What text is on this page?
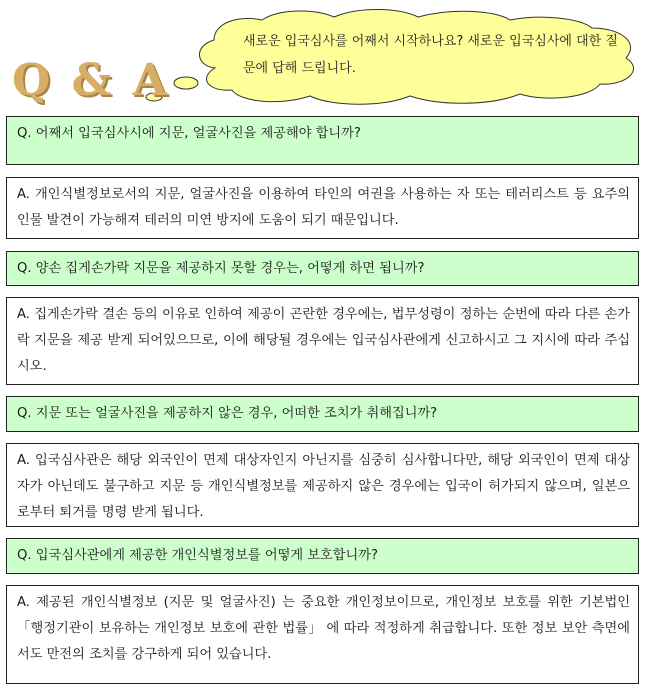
Q & A
새로운 입국심사를 어째서 시작하나요? 새로운 입국심사에 대한 질문에 답해 드립니다.
Q. 어째서 입국심사시에 지문, 얼굴사진을 제공해야 합니까?
A. 개인식별정보로서의 지문, 얼굴사진을 이용하여 타인의 여권을 사용하는 자 또는 테러리스트 등 요주의 인물 발견이 가능해져 테러의 미연 방지에 도움이 되기 때문입니다.
Q. 양손 집게손가락 지문을 제공하지 못할 경우는, 어떻게 하면 됩니까?
A. 집게손가락 결손 등의 이유로 인하여 제공이 곤란한 경우에는, 법무성령이 정하는 순번에 따라 다른 손가락 지문을 제공 받게 되어있으므로, 이에 해당될 경우에는 입국심사관에게 신고하시고 그 지시에 따라 주십시오.
Q. 지문 또는 얼굴사진을 제공하지 않은 경우, 어떠한 조치가 취해집니까?
A. 입국심사관은 해당 외국인이 면제 대상자인지 아닌지를 심중히 심사합니다만, 해당 외국인이 면제 대상자가 아닌데도 불구하고 지문 등 개인식별정보를 제공하지 않은 경우에는 입국이 허가되지 않으며, 일본으로부터 퇴거를 명령 받게 됩니다.
Q. 입국심사관에게 제공한 개인식별정보를 어떻게 보호합니까?
A. 제공된 개인식별정보 (지문 및 얼굴사진) 는 중요한 개인정보이므로, 개인정보 보호를 위한 기본법인 「행정기관이 보유하는 개인정보 보호에 관한 법률」 에 따라 적정하게 취급합니다. 또한 정보 보안 측면에서도 만전의 조치를 강구하게 되어 있습니다.
